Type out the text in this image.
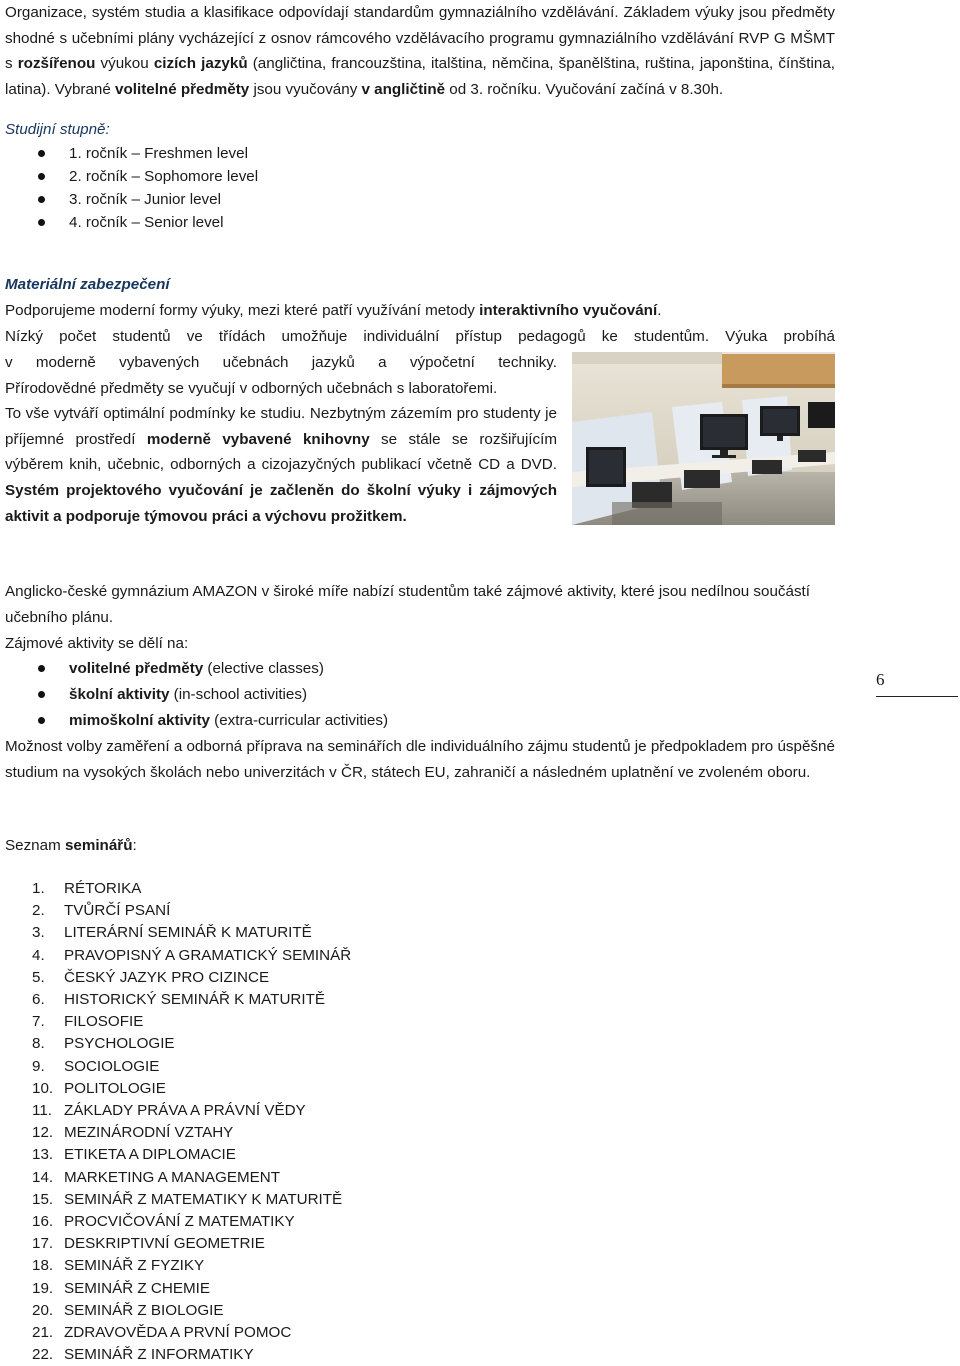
Organizace, systém studia a klasifikace odpovídají standardům gymnaziálního vzdělávání. Základem výuky jsou předměty shodné s učebními plány vycházející z osnov rámcového vzdělávacího programu gymnaziálního vzdělávání RVP G MŠMT s rozšířenou výukou cizích jazyků (angličtina, francouzština, italština, němčina, španělština, ruština, japonština, čínština, latina). Vybrané volitelné předměty jsou vyučovány v angličtině od 3. ročníku. Vyučování začíná v 8.30h.

Studijní stupně:

1. ročník – Freshmen level
2. ročník – Sophomore level
3. ročník – Junior level
4. ročník – Senior level

Materiální zabezpečení

Podporujeme moderní formy výuky, mezi které patří využívání metody interaktivního vyučování.

Nízký počet studentů ve třídách umožňuje individuální přístup pedagogů ke studentům. Výuka probíhá

v moderně vybavených učebnách jazyků a výpočetní techniky.

Přírodovědné předměty se vyučují v odborných učebnách s laboratořemi.

To vše vytváří optimální podmínky ke studiu. Nezbytným zázemím pro studenty je příjemné prostředí moderně vybavené knihovny se stále se rozšiřujícím výběrem knih, učebnic, odborných a cizojazyčných publikací včetně CD a DVD. Systém projektového vyučování je začleněn do školní výuky i zájmových aktivit a podporuje týmovou práci a výchovu prožitkem.

Anglicko-české gymnázium AMAZON v široké míře nabízí studentům také zájmové aktivity, které jsou nedílnou součástí učebního plánu.

Zájmové aktivity se dělí na:

volitelné předměty (elective classes)
školní aktivity (in-school activities)
mimoškolní aktivity (extra-curricular activities)

Možnost volby zaměření a odborná příprava na seminářích dle individuálního zájmu studentů je předpokladem pro úspěšné studium na vysokých školách nebo univerzitách v ČR, státech EU, zahraničí a následném uplatnění ve zvoleném oboru.

Seznam seminářů:

1. RÉTORIKA
2. TVŮRČÍ PSANÍ
3. LITERÁRNÍ SEMINÁŘ K MATURITĚ
4. PRAVOPISNÝ A GRAMATICKÝ SEMINÁŘ
5. ČESKÝ JAZYK PRO CIZINCE
6. HISTORICKÝ SEMINÁŘ K MATURITĚ
7. FILOSOFIE
8. PSYCHOLOGIE
9. SOCIOLOGIE
10. POLITOLOGIE
11. ZÁKLADY PRÁVA A PRÁVNÍ VĚDY
12. MEZINÁRODNÍ VZTAHY
13. ETIKETA A DIPLOMACIE
14. MARKETING A MANAGEMENT
15. SEMINÁŘ Z MATEMATIKY K MATURITĚ
16. PROCVIČOVÁNÍ Z MATEMATIKY
17. DESKRIPTIVNÍ GEOMETRIE
18. SEMINÁŘ Z FYZIKY
19. SEMINÁŘ Z CHEMIE
20. SEMINÁŘ Z BIOLOGIE
21. ZDRAVOVĚDA A PRVNÍ POMOC
22. SEMINÁŘ Z INFORMATIKY
6
